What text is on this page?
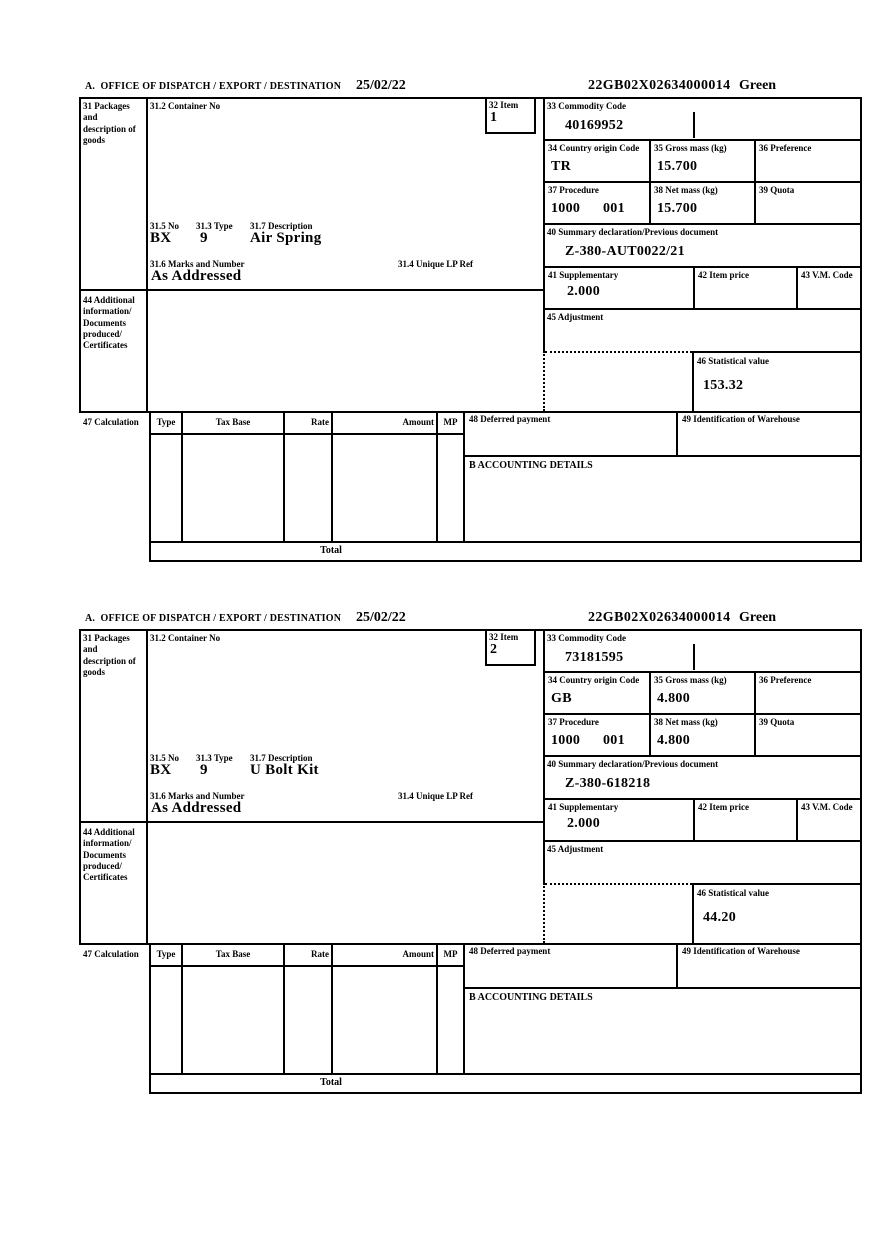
A.  OFFICE OF DISPATCH / EXPORT / DESTINATION 25/02/22	22GB02X02634000014 Green
31 Packages and description of goods
31.2 Container No	32 Item
1
31.5 No 31.3 Type 31.7 Description
BX 9	Air Spring
31.6 Marks and Number
As Addressed
31.4 Unique LP Ref
44 Additional information/ Documents produced/ Certificates
33 Commodity Code
40169952
34 Country origin Code
TR
35 Gross mass (kg)
15.700
36 Preference
37 Procedure
1000 001
38 Net mass (kg)
15.700
39 Quota
40 Summary declaration/Previous document
Z-380-AUT0022/21
41 Supplementary
2.000
42 Item price	43 V.M. Code
45 Adjustment
46 Statistical value
153.32
47 Calculation	Type	Tax Base	Rate	Amount	MP	48 Deferred payment	49 Identification of Warehouse
B ACCOUNTING DETAILS
Total
A.  OFFICE OF DISPATCH / EXPORT / DESTINATION 25/02/22	22GB02X02634000014 Green
31 Packages and description of goods
31.2 Container No	32 Item
2
31.5 No 31.3 Type 31.7 Description
BX 9	U Bolt Kit
31.6 Marks and Number
As Addressed
31.4 Unique LP Ref
44 Additional information/ Documents produced/ Certificates
33 Commodity Code
73181595
34 Country origin Code
GB
35 Gross mass (kg)
4.800
36 Preference
37 Procedure
1000 001
38 Net mass (kg)
4.800
39 Quota
40 Summary declaration/Previous document
Z-380-618218
41 Supplementary
2.000
42 Item price	43 V.M. Code
45 Adjustment
46 Statistical value
44.20
47 Calculation	Type	Tax Base	Rate	Amount	MP	48 Deferred payment	49 Identification of Warehouse
B ACCOUNTING DETAILS
Total
